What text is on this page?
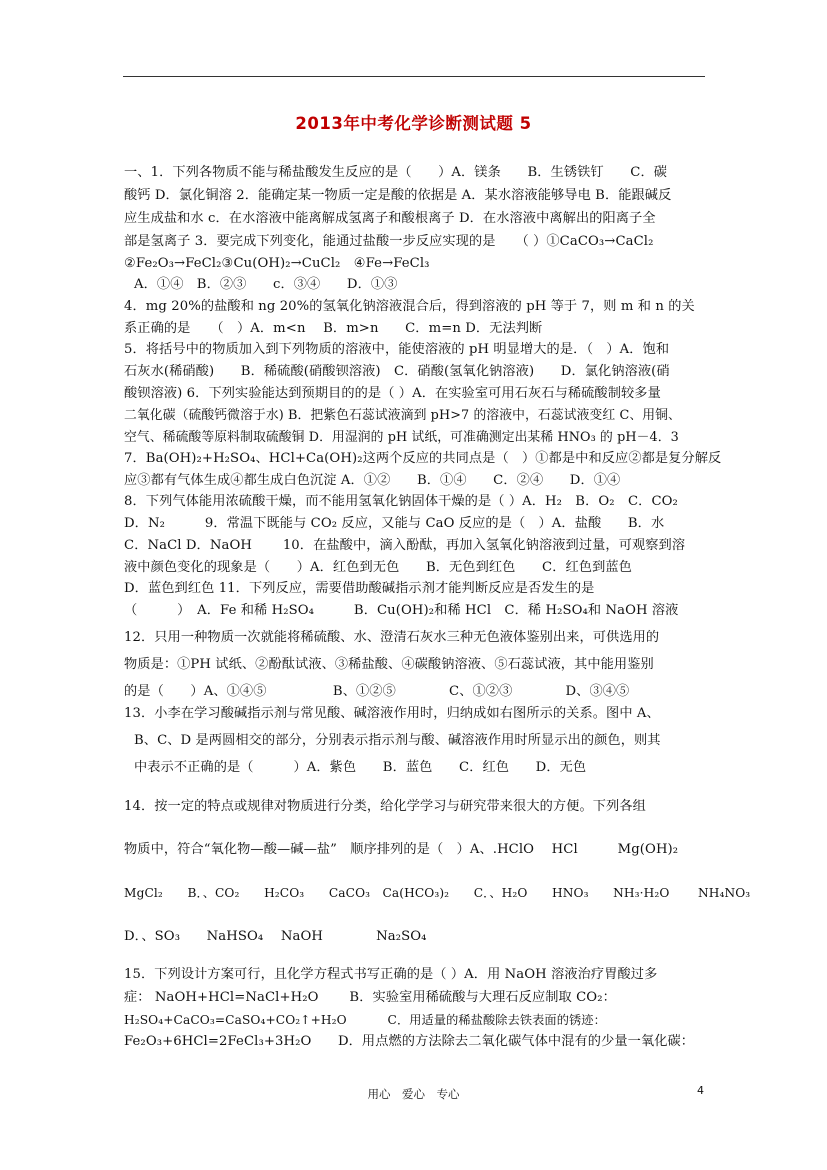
2013年中考化学诊断测试题 5
一、1．下列各物质不能与稀盐酸发生反应的是（　　）A．镁条　　B．生锈铁钉　　C．碳
酸钙 D．氯化铜溶 2．能确定某一物质一定是酸的依据是 A．某水溶液能够导电 B．能跟碱反
应生成盐和水 c．在水溶液中能离解成氢离子和酸根离子 D．在水溶液中离解出的阳离子全
部是氢离子 3．要完成下列变化，能通过盐酸一步反应实现的是　　（ ）①CaCO₃→CaCl₂
②Fe₂O₃→FeCl₂③Cu(OH)₂→CuCl₂　④Fe→FeCl₃
A．①④　B．②③　　c．③④　　D．①③
4．mg 20%的盐酸和 ng 20%的氢氧化钠溶液混合后，得到溶液的 pH 等于 7，则 m 和 n 的关
系正确的是　　（　）A．m<n　 B．m>n　　C．m=n D．无法判断
5．将括号中的物质加入到下列物质的溶液中，能使溶液的 pH 明显增大的是．（　）A．饱和
石灰水(稀硝酸)　　B．稀硫酸(硝酸钡溶液)　C．硝酸(氢氧化钠溶液)　　D．氯化钠溶液(硝
酸钡溶液) 6．下列实验能达到预期目的的是（ ）A．在实验室可用石灰石与稀硫酸制较多量
二氧化碳（硫酸钙微溶于水) B．把紫色石蕊试液滴到 pH>7 的溶液中，石蕊试液变红 C、用铜、
空气、稀硫酸等原料制取硫酸铜 D．用湿润的 pH 试纸，可准确测定出某稀 HNO₃ 的 pH－4．3
7．Ba(OH)₂+H₂SO₄、HCl+Ca(OH)₂这两个反应的共同点是（　）①都是中和反应②都是复分解反
应③都有气体生成④都生成白色沉淀 A．①②　　B．①④　　C．②④　　D．①④
8．下列气体能用浓硫酸干燥，而不能用氢氧化钠固体干燥的是（ ）A．H₂　B．O₂　C．CO₂
D．N₂　　　9．常温下既能与 CO₂ 反应，又能与 CaO 反应的是（　）A．盐酸　　B．水
C．NaCl D．NaOH　　 10．在盐酸中，滴入酚酞，再加入氢氧化钠溶液到过量，可观察到溶
液中颜色变化的现象是（　　）A．红色到无色　　B．无色到红色　　C．红色到蓝色
D．蓝色到红色 11．下列反应，需要借助酸碱指示剂才能判断反应是否发生的是
（　　　）　A．Fe 和稀 H₂SO₄　　　B．Cu(OH)₂和稀 HCl　C．稀 H₂SO₄和 NaOH 溶液
12．只用一种物质一次就能将稀硫酸、水、澄清石灰水三种无色液体鉴别出来，可供选用的
物质是：①PH 试纸、②酚酞试液、③稀盐酸、④碳酸钠溶液、⑤石蕊试液，其中能用鉴别
的是（　　）A、①④⑤　　　　　B、①②⑤　　　　C、①②③　　　　D、③④⑤
13．小李在学习酸碱指示剂与常见酸、碱溶液作用时，归纳成如右图所示的关系。图中 A、
B、C、D 是两圆相交的部分，分别表示指示剂与酸、碱溶液作用时所显示出的颜色，则其
中表示不正确的是（　　　）A．紫色　　B．蓝色　　C．红色　　D．无色
14．按一定的特点或规律对物质进行分类，给化学学习与研究带来很大的方便。下列各组
物质中，符合“氧化物—酸—碱—盐”　顺序排列的是（　）A、.HClO　 HCl　　　Mg(OH)₂
MgCl₂　　B．、CO₂　　H₂CO₃　　CaCO₃　Ca(HCO₃)₂　　C．、H₂O　　HNO₃　　NH₃·H₂O　　 NH₄NO₃
D．、SO₃　　NaHSO₄　 NaOH　　　　Na₂SO₄
15．下列设计方案可行，且化学方程式书写正确的是（ ）A．用 NaOH 溶液治疗胃酸过多
症： NaOH+HCl=NaCl+H₂O　　 B．实验室用稀硫酸与大理石反应制取 CO₂：
H₂SO₄+CaCO₃=CaSO₄+CO₂↑+H₂O　　　 C．用适量的稀盐酸除去铁表面的锈迹：
Fe₂O₃+6HCl=2FeCl₃+3H₂O　　D．用点燃的方法除去二氧化碳气体中混有的少量一氧化碳：
用心　爱心　专心	4
